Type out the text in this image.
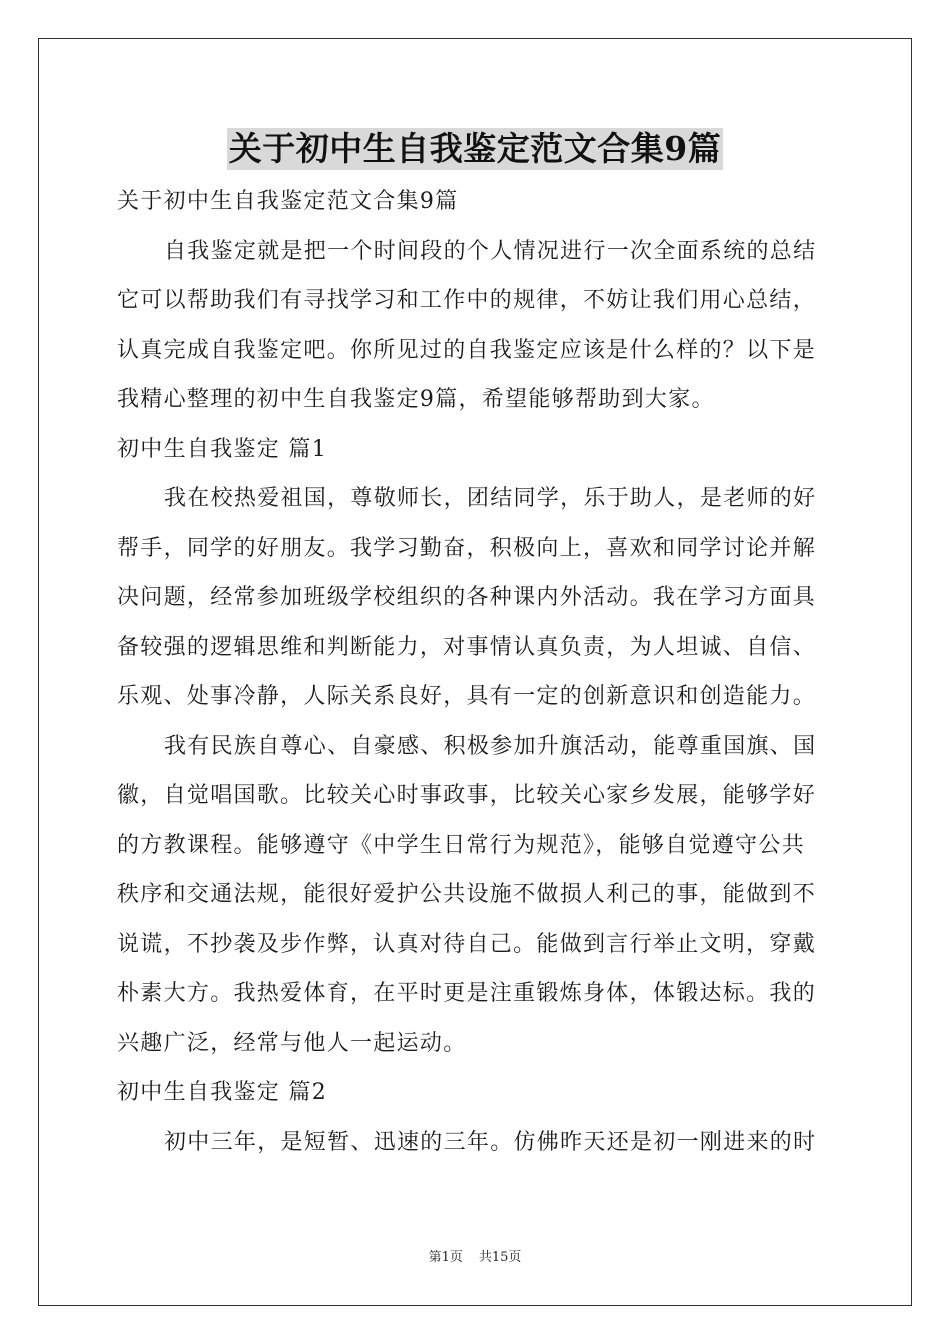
关于初中生自我鉴定范文合集9篇
关于初中生自我鉴定范文合集9篇
自我鉴定就是把一个时间段的个人情况进行一次全面系统的总结
它可以帮助我们有寻找学习和工作中的规律，不妨让我们用心总结，
认真完成自我鉴定吧。你所见过的自我鉴定应该是什么样的？以下是
我精心整理的初中生自我鉴定9篇，希望能够帮助到大家。
初中生自我鉴定 篇1
我在校热爱祖国，尊敬师长，团结同学，乐于助人，是老师的好
帮手，同学的好朋友。我学习勤奋，积极向上，喜欢和同学讨论并解
决问题，经常参加班级学校组织的各种课内外活动。我在学习方面具
备较强的逻辑思维和判断能力，对事情认真负责，为人坦诚、自信、
乐观、处事冷静，人际关系良好，具有一定的创新意识和创造能力。
我有民族自尊心、自豪感、积极参加升旗活动，能尊重国旗、国
徽，自觉唱国歌。比较关心时事政事，比较关心家乡发展，能够学好
的方教课程。能够遵守《中学生日常行为规范》，能够自觉遵守公共
秩序和交通法规，能很好爱护公共设施不做损人利己的事，能做到不
说谎，不抄袭及步作弊，认真对待自己。能做到言行举止文明，穿戴
朴素大方。我热爱体育，在平时更是注重锻炼身体，体锻达标。我的
兴趣广泛，经常与他人一起运动。
初中生自我鉴定 篇2
初中三年，是短暂、迅速的三年。仿佛昨天还是初一刚进来的时
第1页 共15页
